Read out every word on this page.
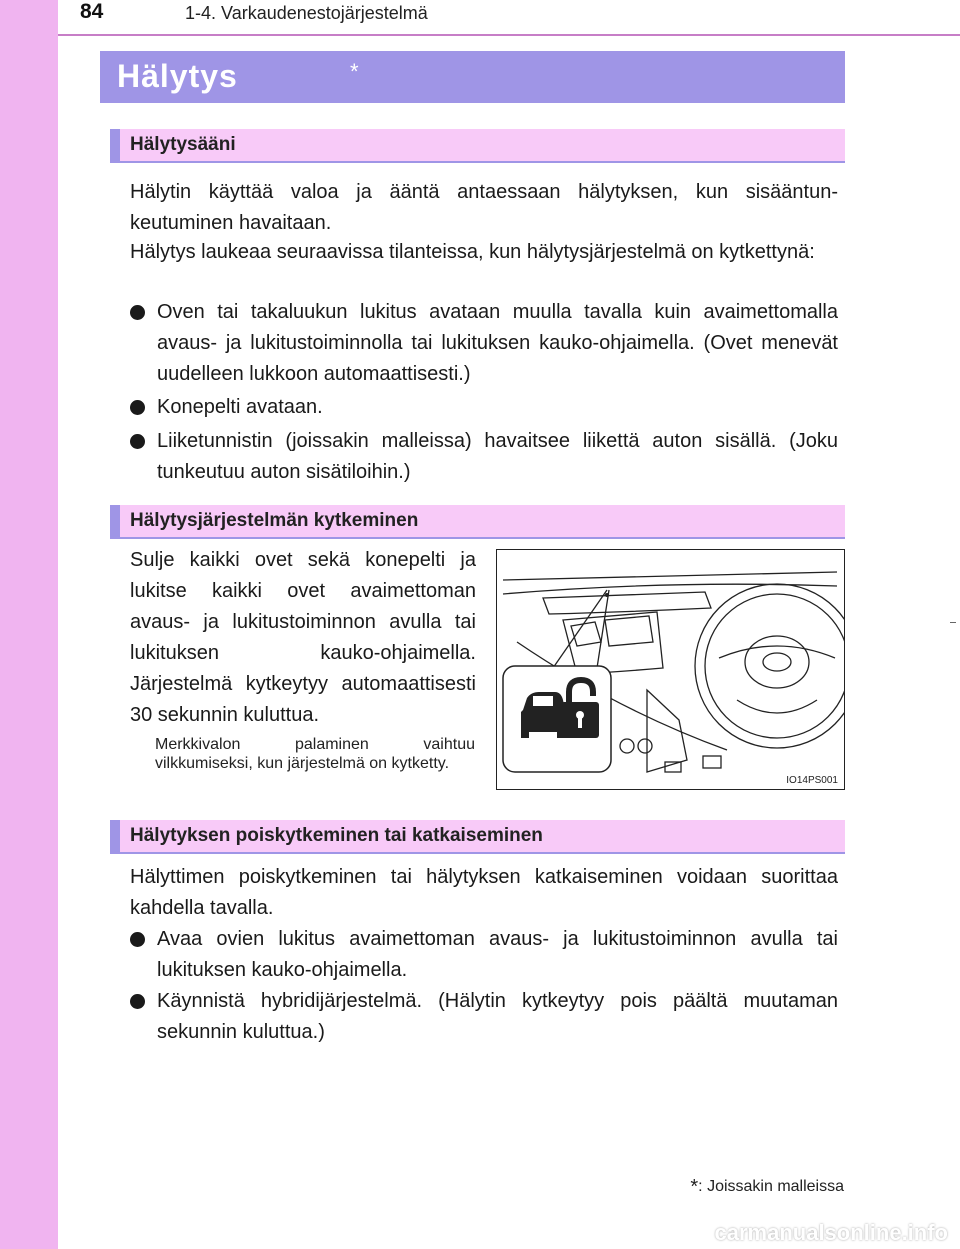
84	1-4. Varkaudenestojärjestelmä
Hälytys	*
Hälytysääni
Hälytin käyttää valoa ja ääntä antaessaan hälytyksen, kun sisääntunkeutuminen havaitaan.
Hälytys laukeaa seuraavissa tilanteissa, kun hälytysjärjestelmä on kytkettynä:
Oven tai takaluukun lukitus avataan muulla tavalla kuin avaimettomalla avaus- ja lukitustoiminnolla tai lukituksen kauko-ohjaimella. (Ovet menevät uudelleen lukkoon automaattisesti.)
Konepelti avataan.
Liiketunnistin (joissakin malleissa) havaitsee liikettä auton sisällä. (Joku tunkeutuu auton sisätiloihin.)
Hälytysjärjestelmän kytkeminen
Sulje kaikki ovet sekä konepelti ja lukitse kaikki ovet avaimettoman avaus- ja lukitustoiminnon avulla tai lukituksen kauko-ohjaimella. Järjestelmä kytkeytyy automaattisesti 30 sekunnin kuluttua.
Merkkivalon palaminen vaihtuu vilkkumiseksi, kun järjestelmä on kytketty.
IO14PS001
Hälytyksen poiskytkeminen tai katkaiseminen
Hälyttimen poiskytkeminen tai hälytyksen katkaiseminen voidaan suorittaa kahdella tavalla.
Avaa ovien lukitus avaimettoman avaus- ja lukitustoiminnon avulla tai lukituksen kauko-ohjaimella.
Käynnistä hybridijärjestelmä. (Hälytin kytkeytyy pois päältä muutaman sekunnin kuluttua.)
*: Joissakin malleissa
carmanualsonline.info
